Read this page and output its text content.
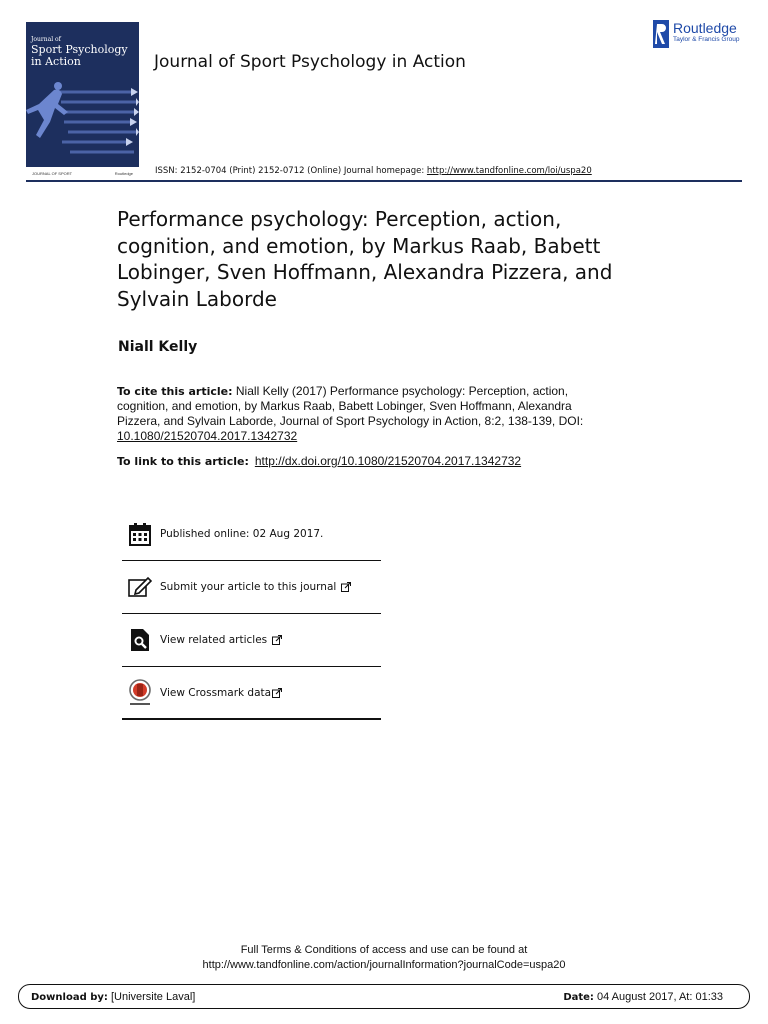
Journal of
Sport Psychology in Action
JOURNAL OF SPORT	Routledge
Journal of Sport Psychology in Action
Routledge
Taylor & Francis Group
ISSN: 2152-0704 (Print) 2152-0712 (Online) Journal homepage: http://www.tandfonline.com/loi/uspa20
Performance psychology: Perception, action, cognition, and emotion, by Markus Raab, Babett Lobinger, Sven Hoffmann, Alexandra Pizzera, and Sylvain Laborde
Niall Kelly
To cite this article: Niall Kelly (2017) Performance psychology: Perception, action, cognition, and emotion, by Markus Raab, Babett Lobinger, Sven Hoffmann, Alexandra Pizzera, and Sylvain Laborde, Journal of Sport Psychology in Action, 8:2, 138-139, DOI: 10.1080/21520704.2017.1342732
To link to this article: http://dx.doi.org/10.1080/21520704.2017.1342732
Published online: 02 Aug 2017.
Submit your article to this journal
View related articles
View Crossmark data
Full Terms & Conditions of access and use can be found at
http://www.tandfonline.com/action/journalInformation?journalCode=uspa20
Download by: [Universite Laval]	Date: 04 August 2017, At: 01:33
